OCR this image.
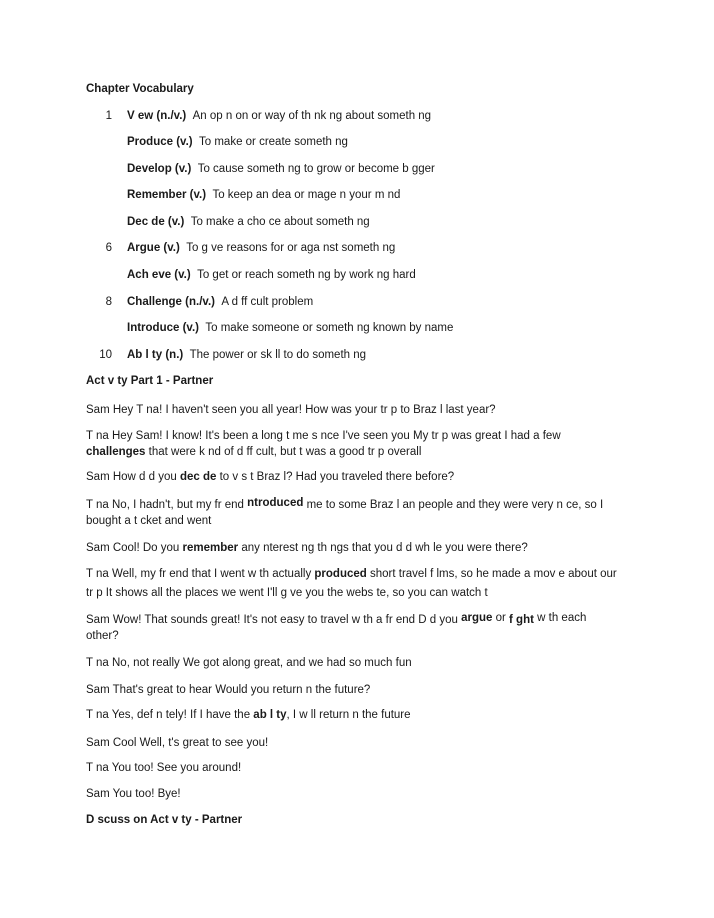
Chapter Vocabulary
1 V ew (n./v.) An op n on or way of th nk ng about someth ng
Produce (v.) To make or create someth ng
Develop (v.) To cause someth ng to grow or become b gger
Remember (v.) To keep an dea or mage n your m nd
Dec de (v.) To make a cho ce about someth ng
6 Argue (v.) To g ve reasons for or aga nst someth ng
Ach eve (v.) To get or reach someth ng by work ng hard
8 Challenge (n./v.) A d ff cult problem
Introduce (v.) To make someone or someth ng known by name
10 Ab l ty (n.) The power or sk ll to do someth ng
Act v ty Part 1 - Partner
Sam Hey T na! I haven't seen you all year! How was your tr p to Braz l last year?
T na Hey Sam! I know! It's been a long t me s nce I've seen you My tr p was great I had a few
challenges that were k nd of d ff cult, but t was a good tr p overall
Sam How d d you dec de to v s t Braz l? Had you traveled there before?
T na No, I hadn't, but my fr end ntroduced me to some Braz l an people and they were very n ce, so I
bought a t cket and went
Sam Cool! Do you remember any nterest ng th ngs that you d d wh le you were there?
T na Well, my fr end that I went w th actually produced short travel f lms, so he made a mov e about our
tr p It shows all the places we went I'll g ve you the webs te, so you can watch t
Sam Wow! That sounds great! It's not easy to travel w th a fr end D d you argue or f ght w th each
other?
T na No, not really We got along great, and we had so much fun
Sam That's great to hear Would you return n the future?
T na Yes, def n tely! If I have the ab l ty, I w ll return n the future
Sam Cool Well, t's great to see you!
T na You too! See you around!
Sam You too! Bye!
D scuss on Act v ty - Partner
